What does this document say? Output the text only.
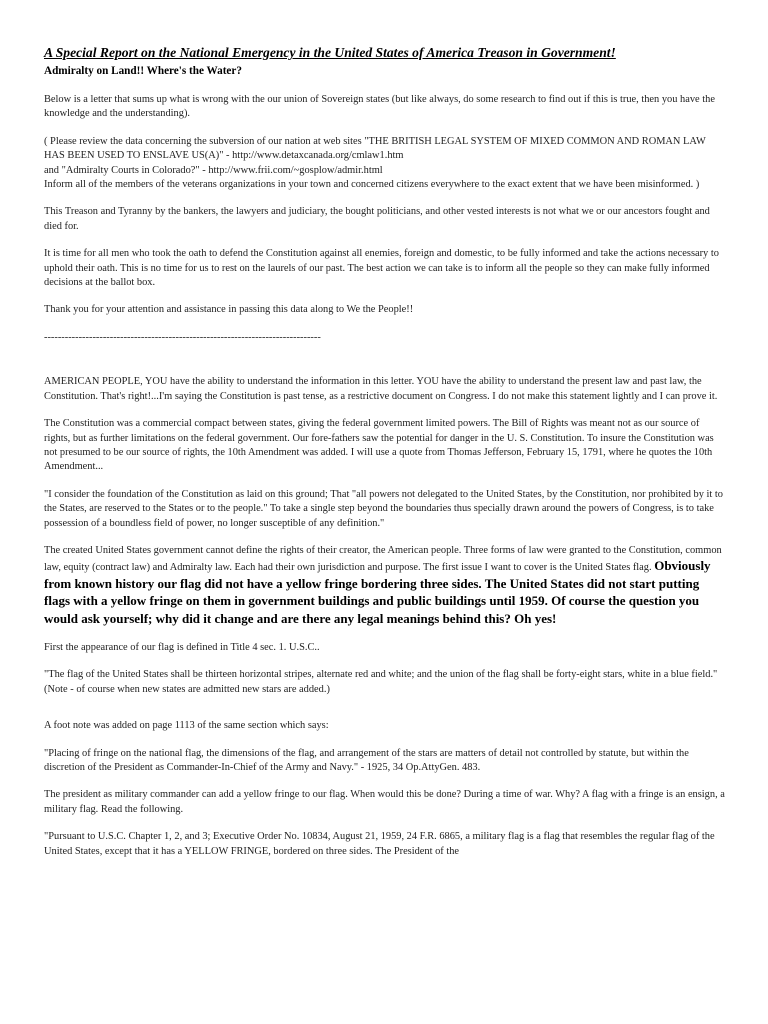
A Special Report on the National Emergency in the United States of America Treason in Government!

Admiralty on Land!! Where's the Water?

Below is a letter that sums up what is wrong with the our union of Sovereign states (but like always, do some research to find out if this is true, then you have the knowledge and the understanding).

( Please review the data concerning the subversion of our nation at web sites "THE BRITISH LEGAL SYSTEM OF MIXED COMMON AND ROMAN LAW HAS BEEN USED TO ENSLAVE US(A)" - http://www.detaxcanada.org/cmlaw1.htm

and "Admiralty Courts in Colorado?" - http://www.frii.com/~gosplow/admir.html

Inform all of the members of the veterans organizations in your town and concerned citizens everywhere to the exact extent that we have been misinformed. )

This Treason and Tyranny by the bankers, the lawyers and judiciary, the bought politicians, and other vested interests is not what we or our ancestors fought and died for.

It is time for all men who took the oath to defend the Constitution against all enemies, foreign and domestic, to be fully informed and take the actions necessary to uphold their oath. This is no time for us to rest on the laurels of our past. The best action we can take is to inform all the people so they can make fully informed decisions at the ballot box.

Thank you for your attention and assistance in passing this data along to We the People!!

--------------------------------------------------------------------------------

AMERICAN PEOPLE, YOU have the ability to understand the information in this letter. YOU have the ability to understand the present law and past law, the Constitution. That's right!...I'm saying the Constitution is past tense, as a restrictive document on Congress. I do not make this statement lightly and I can prove it.

The Constitution was a commercial compact between states, giving the federal government limited powers. The Bill of Rights was meant not as our source of rights, but as further limitations on the federal government. Our fore-fathers saw the potential for danger in the U. S. Constitution. To insure the Constitution was not presumed to be our source of rights, the 10th Amendment was added. I will use a quote from Thomas Jefferson, February 15, 1791, where he quotes the 10th Amendment...

"I consider the foundation of the Constitution as laid on this ground; That "all powers not delegated to the United States, by the Constitution, nor prohibited by it to the States, are reserved to the States or to the people." To take a single step beyond the boundaries thus specially drawn around the powers of Congress, is to take possession of a boundless field of power, no longer susceptible of any definition."

The created United States government cannot define the rights of their creator, the American people. Three forms of law were granted to the Constitution, common law, equity (contract law) and Admiralty law. Each had their own jurisdiction and purpose. The first issue I want to cover is the United States flag. Obviously from known history our flag did not have a yellow fringe bordering three sides. The United States did not start putting flags with a yellow fringe on them in government buildings and public buildings until 1959. Of course the question you would ask yourself; why did it change and are there any legal meanings behind this? Oh yes!

First the appearance of our flag is defined in Title 4 sec. 1. U.S.C..

"The flag of the United States shall be thirteen horizontal stripes, alternate red and white; and the union of the flag shall be forty-eight stars, white in a blue field." (Note - of course when new states are admitted new stars are added.)

A foot note was added on page 1113 of the same section which says:

"Placing of fringe on the national flag, the dimensions of the flag, and arrangement of the stars are matters of detail not controlled by statute, but within the discretion of the President as Commander-In-Chief of the Army and Navy." - 1925, 34 Op.AttyGen. 483.

The president as military commander can add a yellow fringe to our flag. When would this be done? During a time of war. Why? A flag with a fringe is an ensign, a military flag. Read the following.

"Pursuant to U.S.C. Chapter 1, 2, and 3; Executive Order No. 10834, August 21, 1959, 24 F.R. 6865, a military flag is a flag that resembles the regular flag of the United States, except that it has a YELLOW FRINGE, bordered on three sides. The President of the
